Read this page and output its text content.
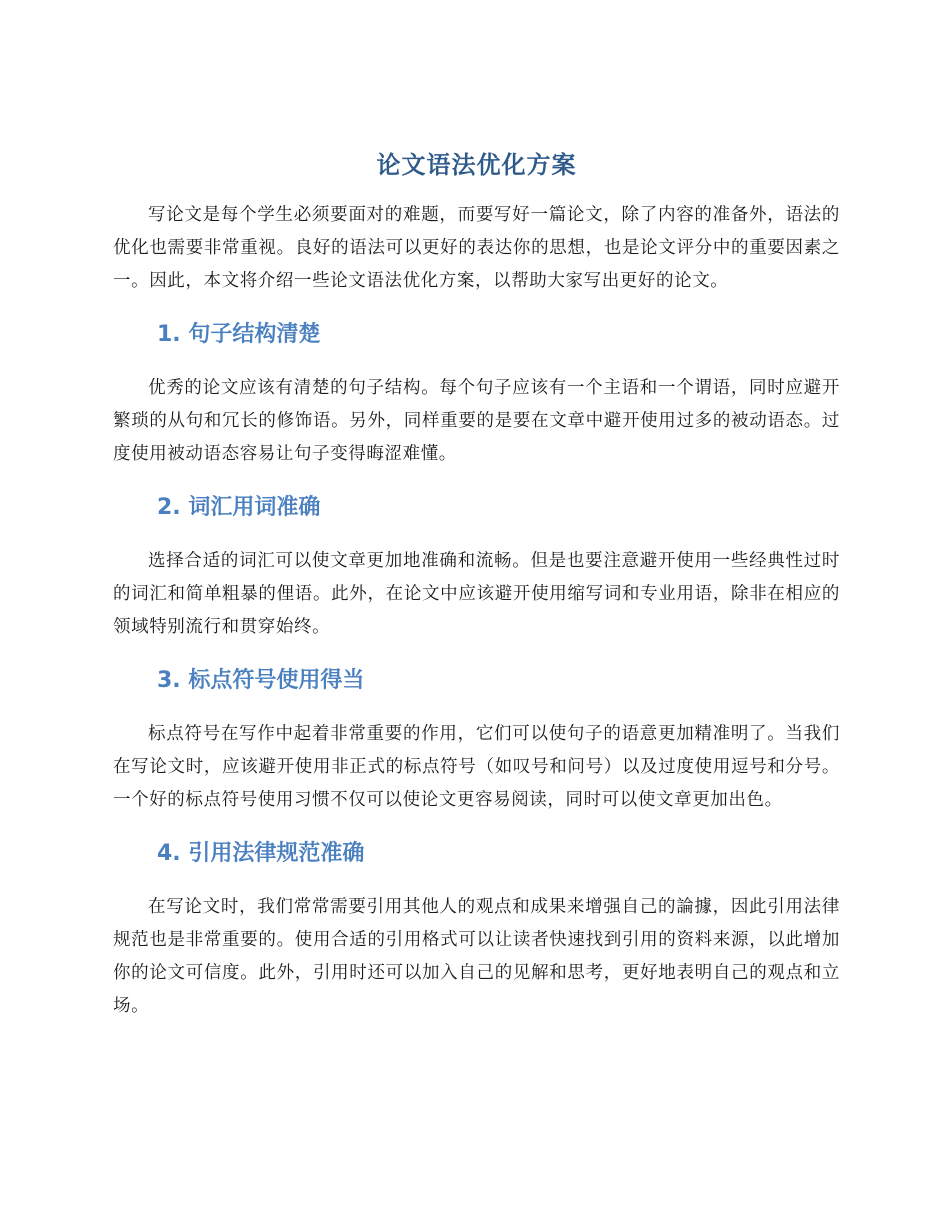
论文语法优化方案

写论文是每个学生必须要面对的难题，而要写好一篇论文，除了内容的准备外，语法的优化也需要非常重视。良好的语法可以更好的表达你的思想，也是论文评分中的重要因素之一。因此，本文将介绍一些论文语法优化方案，以帮助大家写出更好的论文。

1. 句子结构清楚

优秀的论文应该有清楚的句子结构。每个句子应该有一个主语和一个谓语，同时应避开繁琐的从句和冗长的修饰语。另外，同样重要的是要在文章中避开使用过多的被动语态。过度使用被动语态容易让句子变得晦涩难懂。

2. 词汇用词准确

选择合适的词汇可以使文章更加地准确和流畅。但是也要注意避开使用一些经典性过时的词汇和简单粗暴的俚语。此外，在论文中应该避开使用缩写词和专业用语，除非在相应的领域特别流行和贯穿始终。

3. 标点符号使用得当

标点符号在写作中起着非常重要的作用，它们可以使句子的语意更加精准明了。当我们在写论文时，应该避开使用非正式的标点符号（如叹号和问号）以及过度使用逗号和分号。一个好的标点符号使用习惯不仅可以使论文更容易阅读，同时可以使文章更加出色。

4. 引用法律规范准确

在写论文时，我们常常需要引用其他人的观点和成果来增强自己的論據，因此引用法律规范也是非常重要的。使用合适的引用格式可以让读者快速找到引用的资料来源，以此增加你的论文可信度。此外，引用时还可以加入自己的见解和思考，更好地表明自己的观点和立场。
